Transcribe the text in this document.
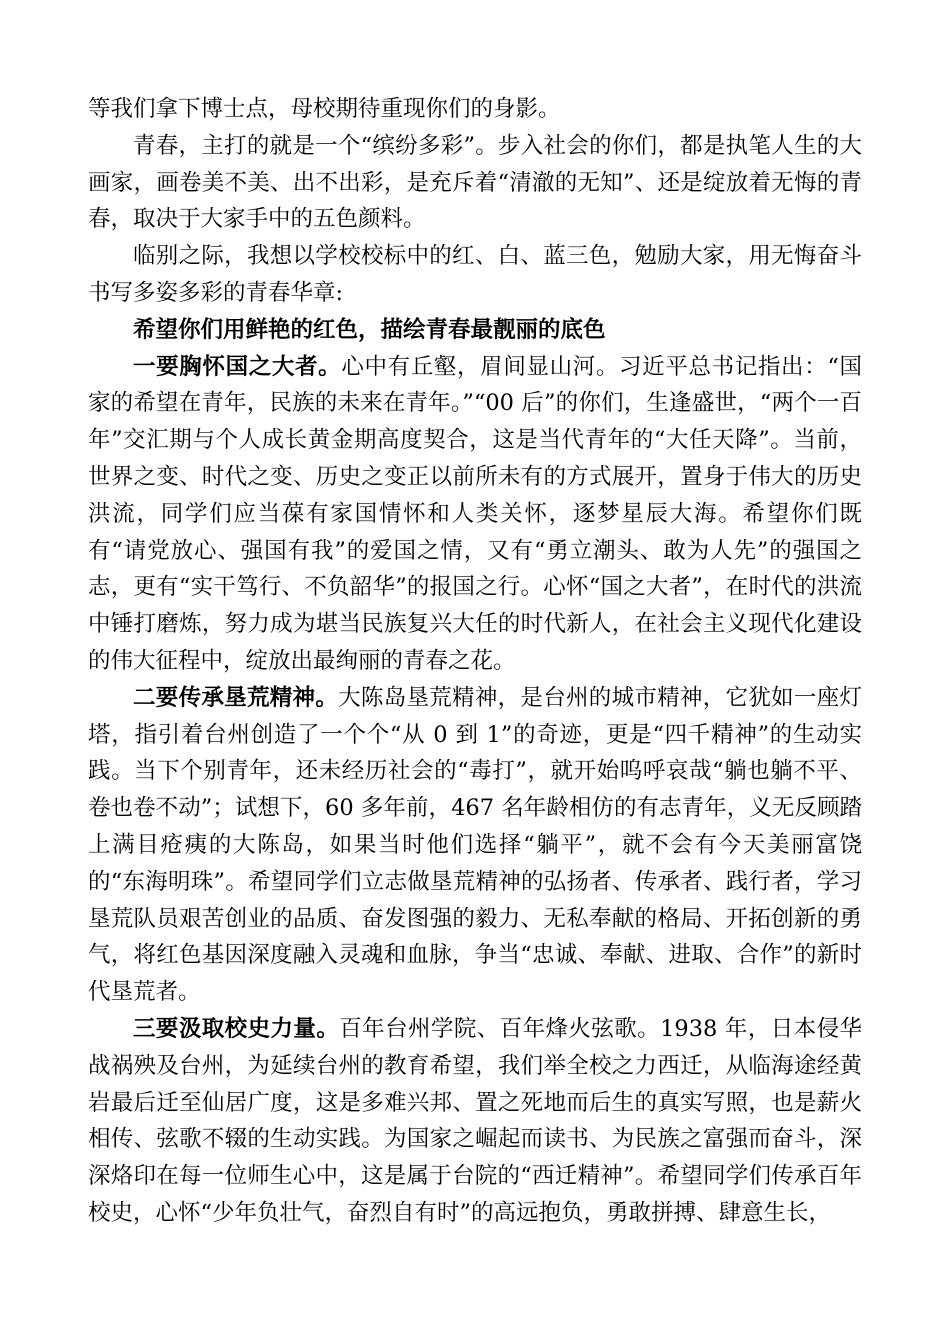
等我们拿下博士点，母校期待重现你们的身影。

青春，主打的就是一个“缤纷多彩”。步入社会的你们，都是执笔人生的大画家，画卷美不美、出不出彩，是充斥着“清澈的无知”、还是绽放着无悔的青春，取决于大家手中的五色颜料。

临别之际，我想以学校校标中的红、白、蓝三色，勉励大家，用无悔奋斗书写多姿多彩的青春华章:

希望你们用鲜艳的红色，描绘青春最靓丽的底色

一要胸怀国之大者。心中有丘壑，眉间显山河。习近平总书记指出：“国家的希望在青年，民族的未来在青年。”“00 后”的你们，生逢盛世，“两个一百年”交汇期与个人成长黄金期高度契合，这是当代青年的“大任天降”。当前，世界之变、时代之变、历史之变正以前所未有的方式展开，置身于伟大的历史洪流，同学们应当葆有家国情怀和人类关怀，逐梦星辰大海。希望你们既有“请党放心、强国有我”的爱国之情，又有“勇立潮头、敢为人先”的强国之志，更有“实干笃行、不负韶华”的报国之行。心怀“国之大者”，在时代的洪流中锤打磨炼，努力成为堪当民族复兴大任的时代新人，在社会主义现代化建设的伟大征程中，绽放出最绚丽的青春之花。

二要传承垦荒精神。大陈岛垦荒精神，是台州的城市精神，它犹如一座灯塔，指引着台州创造了一个个“从 0 到 1”的奇迹，更是“四千精神”的生动实践。当下个别青年，还未经历社会的“毒打”，就开始呜呼哀哉“躺也躺不平、卷也卷不动”；试想下，60 多年前，467 名年龄相仿的有志青年，义无反顾踏上满目疮痍的大陈岛，如果当时他们选择“躺平”，就不会有今天美丽富饶的“东海明珠”。希望同学们立志做垦荒精神的弘扬者、传承者、践行者，学习垦荒队员艰苦创业的品质、奋发图强的毅力、无私奉献的格局、开拓创新的勇气，将红色基因深度融入灵魂和血脉，争当“忠诚、奉献、进取、合作”的新时代垦荒者。

三要汲取校史力量。百年台州学院、百年烽火弦歌。1938 年，日本侵华战祸殃及台州，为延续台州的教育希望，我们举全校之力西迁，从临海途经黄岩最后迁至仙居广度，这是多难兴邦、置之死地而后生的真实写照，也是薪火相传、弦歌不辍的生动实践。为国家之崛起而读书、为民族之富强而奋斗，深深烙印在每一位师生心中，这是属于台院的“西迁精神”。希望同学们传承百年校史，心怀“少年负壮气，奋烈自有时”的高远抱负，勇敢拼搏、肆意生长，
